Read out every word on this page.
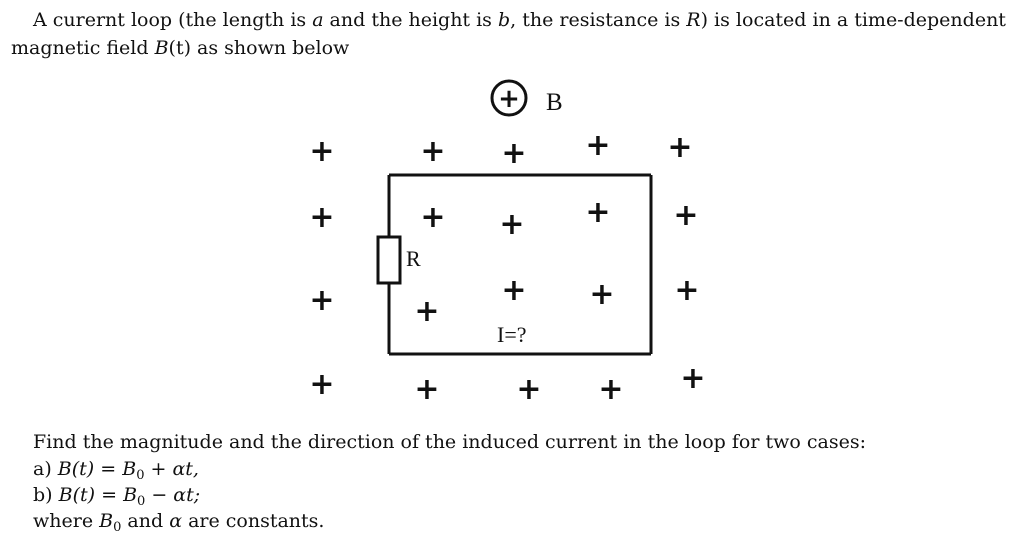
A curernt loop (the length is a and the height is b, the resistance is R) is located in a time-dependent
magnetic field B(t) as shown below
+ B
R
I=?
+	+ + + +
+	+ + + +
+	+
+ + +
+	+	+ + +
Find the magnitude and the direction of the induced current in the loop for two cases:
a) $B(t) = B_0 + \alpha t$,
b) $B(t) = B_0 - \alpha t$;
where $B_0$ and α are constants.
